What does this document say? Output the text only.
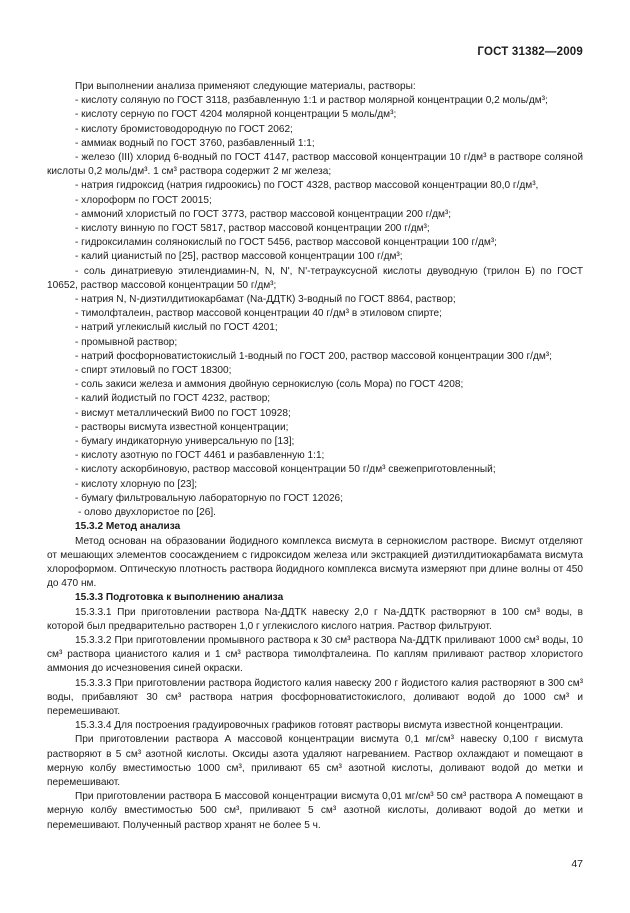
ГОСТ 31382—2009

При выполнении анализа применяют следующие материалы, растворы:

- кислоту соляную по ГОСТ 3118, разбавленную 1:1 и раствор молярной концентрации 0,2 моль/дм³;

- кислоту серную по ГОСТ 4204 молярной концентрации 5 моль/дм³;

- кислоту бромистоводородную по ГОСТ 2062;

- аммиак водный по ГОСТ 3760, разбавленный 1:1;

- железо (III) хлорид 6-водный по ГОСТ 4147, раствор массовой концентрации 10 г/дм³ в растворе соляной кислоты 0,2 моль/дм³. 1 см³ раствора содержит 2 мг железа;

- натрия гидроксид (натрия гидроокись) по ГОСТ 4328, раствор массовой концентрации 80,0 г/дм³,

- хлороформ по ГОСТ 20015;

- аммоний хлористый по ГОСТ 3773, раствор массовой концентрации 200 г/дм³;

- кислоту винную по ГОСТ 5817, раствор массовой концентрации 200 г/дм³;

- гидроксиламин солянокислый по ГОСТ 5456, раствор массовой концентрации 100 г/дм³;

- калий цианистый по [25], раствор массовой концентрации 100 г/дм³;

- соль динатриевую этилендиамин-N, N, N', N'-тетрауксусной кислоты двуводную (трилон Б) по ГОСТ 10652, раствор массовой концентрации 50 г/дм³;

- натрия N, N-диэтилдитиокарбамат (Na-ДДТК) 3-водный по ГОСТ 8864, раствор;

- тимолфталеин, раствор массовой концентрации 40 г/дм³ в этиловом спирте;

- натрий углекислый кислый по ГОСТ 4201;

- промывной раствор;

- натрий фосфорноватистокислый 1-водный по ГОСТ 200, раствор массовой концентрации 300 г/дм³;

- спирт этиловый по ГОСТ 18300;

- соль закиси железа и аммония двойную сернокислую (соль Мора) по ГОСТ 4208;

- калий йодистый по ГОСТ 4232, раствор;

- висмут металлический Ви00 по ГОСТ 10928;

- растворы висмута известной концентрации;

- бумагу индикаторную универсальную по [13];

- кислоту азотную по ГОСТ 4461 и разбавленную 1:1;

- кислоту аскорбиновую, раствор массовой концентрации 50 г/дм³ свежеприготовленный;

- кислоту хлорную по [23];

- бумагу фильтровальную лабораторную по ГОСТ 12026;

- олово двухлористое по [26].

15.3.2 Метод анализа

Метод основан на образовании йодидного комплекса висмута в сернокислом растворе. Висмут отделяют от мешающих элементов соосаждением с гидроксидом железа или экстракцией диэтилдитиокарбамата висмута хлороформом. Оптическую плотность раствора йодидного комплекса висмута измеряют при длине волны от 450 до 470 нм.

15.3.3 Подготовка к выполнению анализа

15.3.3.1 При приготовлении раствора Na-ДДТК навеску 2,0 г Na-ДДТК растворяют в 100 см³ воды, в которой был предварительно растворен 1,0 г углекислого кислого натрия. Раствор фильтруют.

15.3.3.2 При приготовлении промывного раствора к 30 см³ раствора Na-ДДТК приливают 1000 см³ воды, 10 см³ раствора цианистого калия и 1 см³ раствора тимолфталеина. По каплям приливают раствор хлористого аммония до исчезновения синей окраски.

15.3.3.3 При приготовлении раствора йодистого калия навеску 200 г йодистого калия растворяют в 300 см³ воды, прибавляют 30 см³ раствора натрия фосфорноватистокислого, доливают водой до 1000 см³ и перемешивают.

15.3.3.4 Для построения градуировочных графиков готовят растворы висмута известной концентрации.

При приготовлении раствора А массовой концентрации висмута 0,1 мг/см³ навеску 0,100 г висмута растворяют в 5 см³ азотной кислоты. Оксиды азота удаляют нагреванием. Раствор охлаждают и помещают в мерную колбу вместимостью 1000 см³, приливают 65 см³ азотной кислоты, доливают водой до метки и перемешивают.

При приготовлении раствора Б массовой концентрации висмута 0,01 мг/см³ 50 см³ раствора А помещают в мерную колбу вместимостью 500 см³, приливают 5 см³ азотной кислоты, доливают водой до метки и перемешивают. Полученный раствор хранят не более 5 ч.

47
